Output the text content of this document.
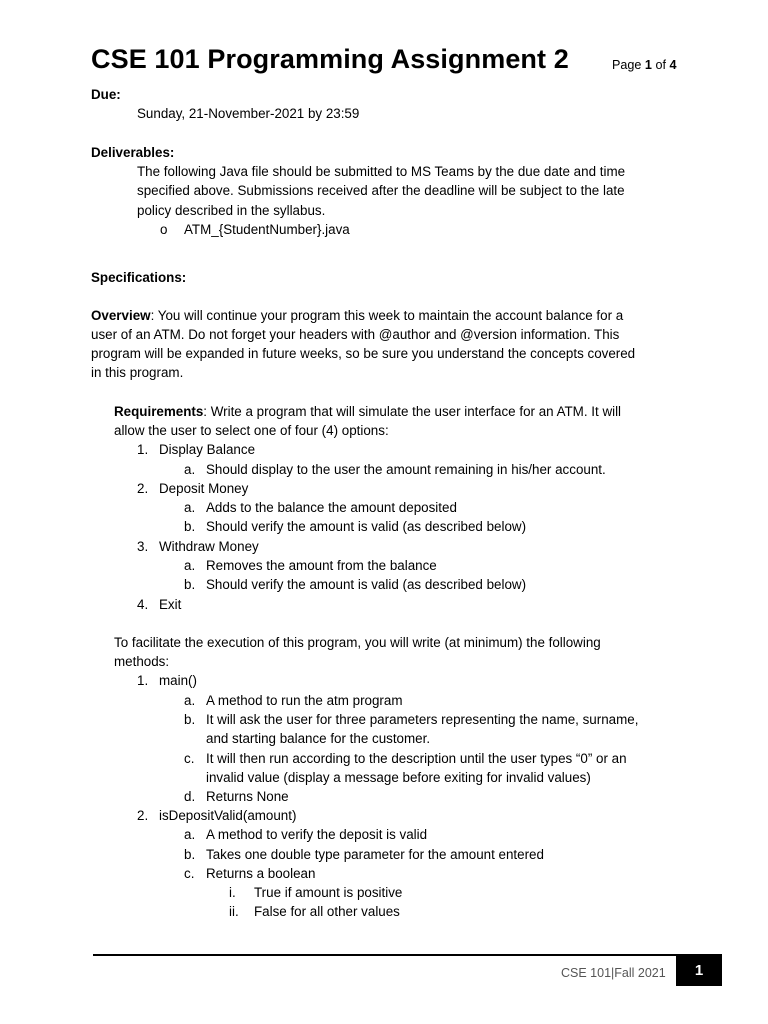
CSE 101 Programming Assignment 2	Page 1 of 4
Due:
Sunday, 21-November-2021 by 23:59
Deliverables:
The following Java file should be submitted to MS Teams by the due date and time
specified above. Submissions received after the deadline will be subject to the late
policy described in the syllabus.
o ATM_{StudentNumber}.java
Specifications:
Overview: You will continue your program this week to maintain the account balance for a
user of an ATM. Do not forget your headers with @author and @version information. This
program will be expanded in future weeks, so be sure you understand the concepts covered
in this program.
Requirements: Write a program that will simulate the user interface for an ATM. It will
allow the user to select one of four (4) options:
1. Display Balance
a. Should display to the user the amount remaining in his/her account.
2. Deposit Money
a. Adds to the balance the amount deposited
b. Should verify the amount is valid (as described below)
3. Withdraw Money
a. Removes the amount from the balance
b. Should verify the amount is valid (as described below)
4. Exit
To facilitate the execution of this program, you will write (at minimum) the following
methods:
1. main()
a. A method to run the atm program
b. It will ask the user for three parameters representing the name, surname,
and starting balance for the customer.
c. It will then run according to the description until the user types “0” or an
invalid value (display a message before exiting for invalid values)
d. Returns None
2. isDepositValid(amount)
a. A method to verify the deposit is valid
b. Takes one double type parameter for the amount entered
c. Returns a boolean
i. True if amount is positive
ii. False for all other values
CSE 101|Fall 2021	1
